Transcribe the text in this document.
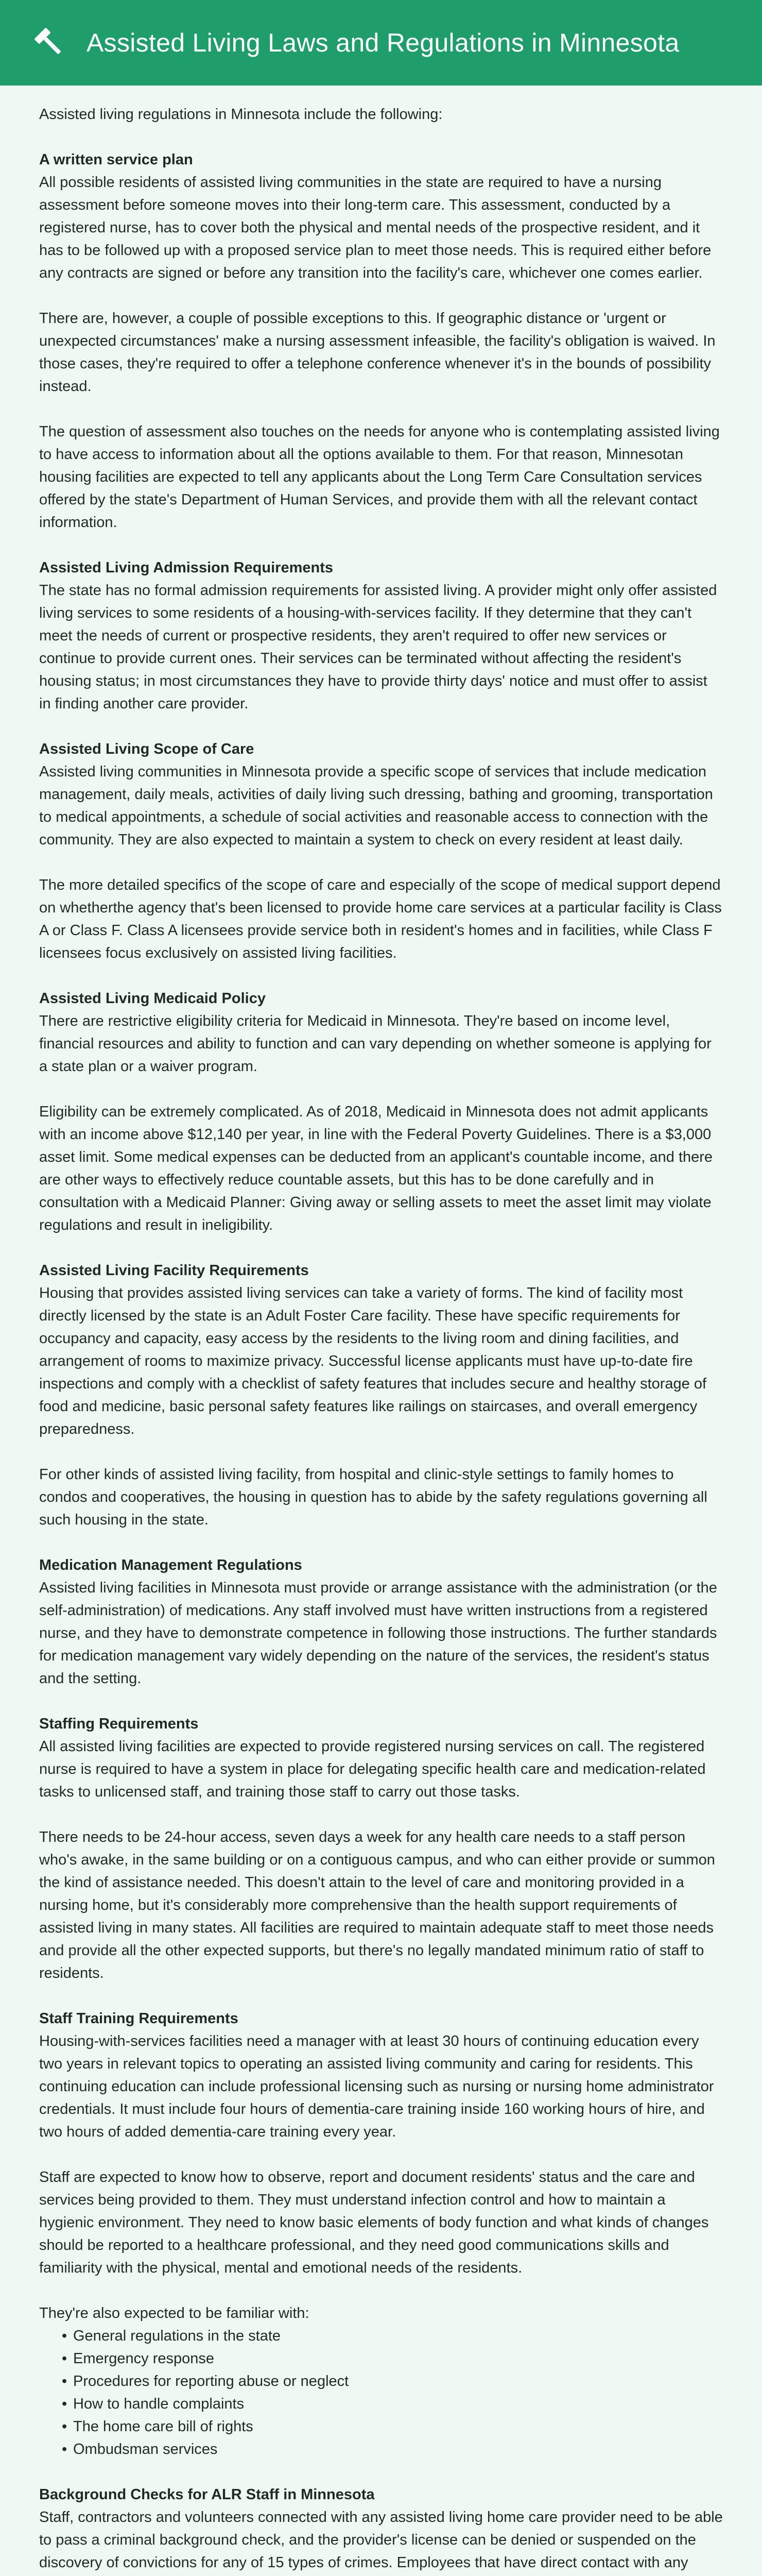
Assisted Living Laws and Regulations in Minnesota

Assisted living regulations in Minnesota include the following:

A written service plan

All possible residents of assisted living communities in the state are required to have a nursing assessment before someone moves into their long-term care. This assessment, conducted by a registered nurse, has to cover both the physical and mental needs of the prospective resident, and it has to be followed up with a proposed service plan to meet those needs. This is required either before any contracts are signed or before any transition into the facility's care, whichever one comes earlier.

There are, however, a couple of possible exceptions to this. If geographic distance or 'urgent or unexpected circumstances' make a nursing assessment infeasible, the facility's obligation is waived. In those cases, they're required to offer a telephone conference whenever it's in the bounds of possibility instead.

The question of assessment also touches on the needs for anyone who is contemplating assisted living to have access to information about all the options available to them. For that reason, Minnesotan housing facilities are expected to tell any applicants about the Long Term Care Consultation services offered by the state's Department of Human Services, and provide them with all the relevant contact information.

Assisted Living Admission Requirements

The state has no formal admission requirements for assisted living. A provider might only offer assisted living services to some residents of a housing-with-services facility. If they determine that they can't meet the needs of current or prospective residents, they aren't required to offer new services or continue to provide current ones. Their services can be terminated without affecting the resident's housing status; in most circumstances they have to provide thirty days' notice and must offer to assist in finding another care provider.

Assisted Living Scope of Care

Assisted living communities in Minnesota provide a specific scope of services that include medication management, daily meals, activities of daily living such dressing, bathing and grooming, transportation to medical appointments, a schedule of social activities and reasonable access to connection with the community. They are also expected to maintain a system to check on every resident at least daily.

The more detailed specifics of the scope of care and especially of the scope of medical support depend on whetherthe agency that's been licensed to provide home care services at a particular facility is Class A or Class F. Class A licensees provide service both in resident's homes and in facilities, while Class F licensees focus exclusively on assisted living facilities.

Assisted Living Medicaid Policy

There are restrictive eligibility criteria for Medicaid in Minnesota. They're based on income level, financial resources and ability to function and can vary depending on whether someone is applying for a state plan or a waiver program.

Eligibility can be extremely complicated. As of 2018, Medicaid in Minnesota does not admit applicants with an income above $12,140 per year, in line with the Federal Poverty Guidelines. There is a $3,000 asset limit. Some medical expenses can be deducted from an applicant's countable income, and there are other ways to effectively reduce countable assets, but this has to be done carefully and in consultation with a Medicaid Planner: Giving away or selling assets to meet the asset limit may violate regulations and result in ineligibility.

Assisted Living Facility Requirements

Housing that provides assisted living services can take a variety of forms. The kind of facility most directly licensed by the state is an Adult Foster Care facility. These have specific requirements for occupancy and capacity, easy access by the residents to the living room and dining facilities, and arrangement of rooms to maximize privacy. Successful license applicants must have up-to-date fire inspections and comply with a checklist of safety features that includes secure and healthy storage of food and medicine, basic personal safety features like railings on staircases, and overall emergency preparedness.

For other kinds of assisted living facility, from hospital and clinic-style settings to family homes to condos and cooperatives, the housing in question has to abide by the safety regulations governing all such housing in the state.

Medication Management Regulations

Assisted living facilities in Minnesota must provide or arrange assistance with the administration (or the self-administration) of medications. Any staff involved must have written instructions from a registered nurse, and they have to demonstrate competence in following those instructions. The further standards for medication management vary widely depending on the nature of the services, the resident's status and the setting.

Staffing Requirements

All assisted living facilities are expected to provide registered nursing services on call. The registered nurse is required to have a system in place for delegating specific health care and medication-related tasks to unlicensed staff, and training those staff to carry out those tasks.

There needs to be 24-hour access, seven days a week for any health care needs to a staff person who's awake, in the same building or on a contiguous campus, and who can either provide or summon the kind of assistance needed. This doesn't attain to the level of care and monitoring provided in a nursing home, but it's considerably more comprehensive than the health support requirements of assisted living in many states. All facilities are required to maintain adequate staff to meet those needs and provide all the other expected supports, but there's no legally mandated minimum ratio of staff to residents.

Staff Training Requirements

Housing-with-services facilities need a manager with at least 30 hours of continuing education every two years in relevant topics to operating an assisted living community and caring for residents. This continuing education can include professional licensing such as nursing or nursing home administrator credentials. It must include four hours of dementia-care training inside 160 working hours of hire, and two hours of added dementia-care training every year.

Staff are expected to know how to observe, report and document residents' status and the care and services being provided to them. They must understand infection control and how to maintain a hygienic environment. They need to know basic elements of body function and what kinds of changes should be reported to a healthcare professional, and they need good communications skills and familiarity with the physical, mental and emotional needs of the residents.

They're also expected to be familiar with:

• General regulations in the state
• Emergency response
• Procedures for reporting abuse or neglect
• How to handle complaints
• The home care bill of rights
• Ombudsman services

Background Checks for ALR Staff in Minnesota

Staff, contractors and volunteers connected with any assisted living home care provider need to be able to pass a criminal background check, and the provider's license can be denied or suspended on the discovery of convictions for any of 15 types of crimes. Employees that have direct contact with any
